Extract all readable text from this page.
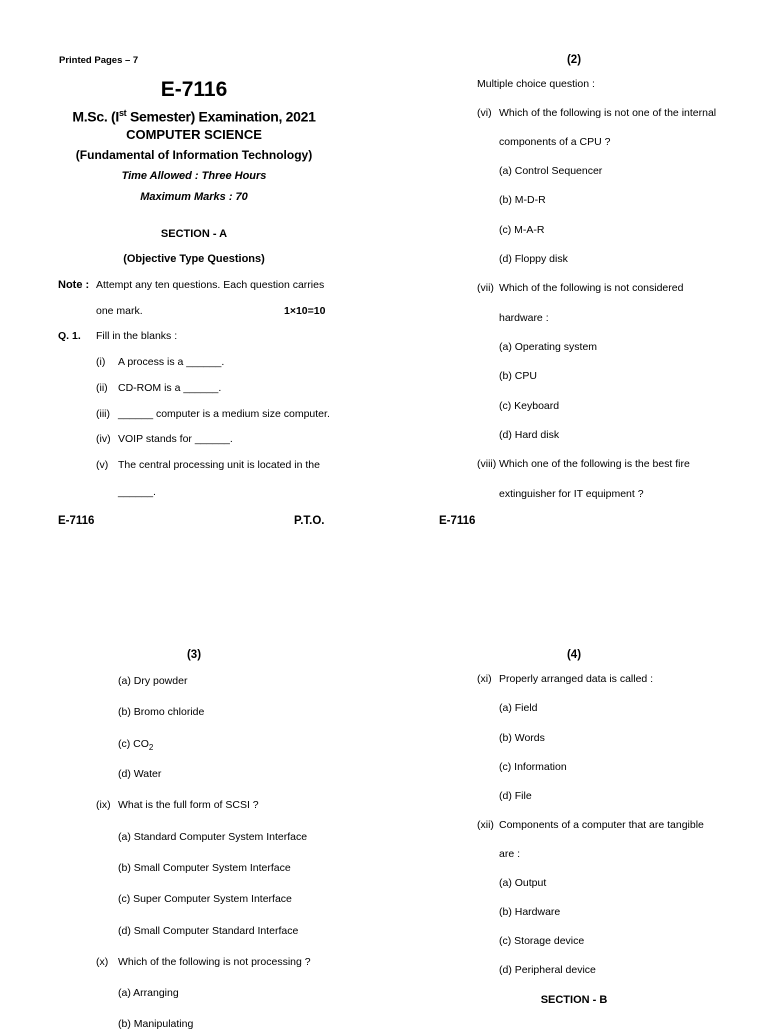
Printed Pages – 7
E-7116
M.Sc. (Ist Semester) Examination, 2021
COMPUTER SCIENCE
(Fundamental of Information Technology)
Time Allowed : Three Hours
Maximum Marks : 70
SECTION - A
(Objective Type Questions)
Note : Attempt any ten questions. Each question carries
one mark.	1×10=10
Q. 1. Fill in the blanks :
(i) A process is a ______.
(ii) CD-ROM is a ______.
(iii) ______ computer is a medium size computer.
(iv) VOIP stands for ______.
(v) The central processing unit is located in the
______.
E-7116	P.T.O.
(2)
Multiple choice question :
(vi) Which of the following is not one of the internal
components of a CPU ?
(a) Control Sequencer
(b) M-D-R
(c) M-A-R
(d) Floppy disk
(vii) Which of the following is not considered
hardware :
(a) Operating system
(b) CPU
(c) Keyboard
(d) Hard disk
(viii) Which one of the following is the best fire
extinguisher for IT equipment ?
E-7116
(3)
(a) Dry powder
(b) Bromo chloride
(c) $CO_2$
(d) Water
(ix) What is the full form of SCSI ?
(a) Standard Computer System Interface
(b) Small Computer System Interface
(c) Super Computer System Interface
(d) Small Computer Standard Interface
(x) Which of the following is not processing ?
(a) Arranging
(b) Manipulating
(4)
(xi) Properly arranged data is called :
(a) Field
(b) Words
(c) Information
(d) File
(xii) Components of a computer that are tangible
are :
(a) Output
(b) Hardware
(c) Storage device
(d) Peripheral device
SECTION - B
